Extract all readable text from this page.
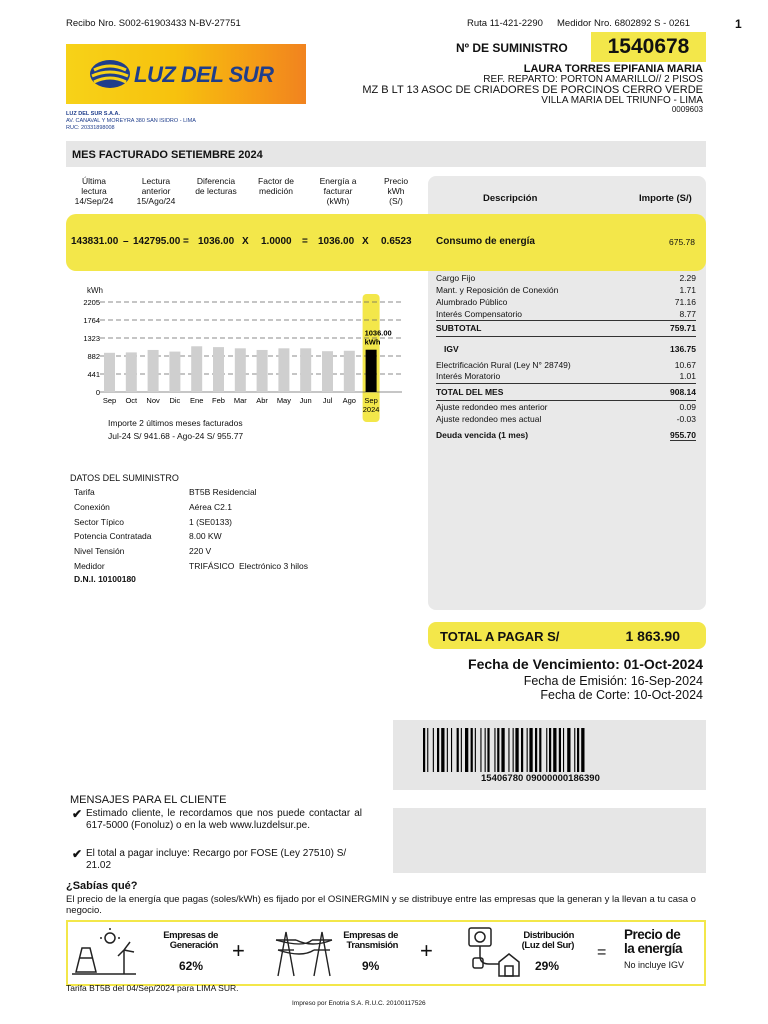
Recibo Nro. S002-61903433 N-BV-27751	Ruta 11-421-2290 Medidor Nro. 6802892 S - 0261	1
LUZ DEL SUR
LUZ DEL SUR S.A.A.
AV. CANAVAL Y MOREYRA 380 SAN ISIDRO - LIMA
RUC: 20331898008
Nº DE SUMINISTRO	1540678
LAURA TORRES EPIFANIA MARIA
REF. REPARTO: PORTON AMARILLO// 2 PISOS
MZ B LT 13 ASOC DE CRIADORES DE PORCINOS CERRO VERDE
VILLA MARIA DEL TRIUNFO - LIMA
0009603
MES FACTURADO SETIEMBRE 2024
Descripción	Importe (S/)
Última
lectura
14/Sep/24
Lectura
anterior
15/Ago/24
Diferencia
de lecturas
Factor de
medición
Energía a
facturar
(kWh)
Precio
kWh
(S/)
143831.00 – 142795.00 = 1036.00 X 1.0000 = 1036.00 X 0.6523 Consumo de energía	675.78
Cargo Fijo	2.29
Mant. y Reposición de Conexión	1.71
Alumbrado Público	71.16
Interés Compensatorio	8.77
SUBTOTAL	759.71
IGV	136.75
Electrificación Rural (Ley N° 28749)	10.67
Interés Moratorio	1.01
TOTAL DEL MES	908.14
Ajuste redondeo mes anterior	0.09
Ajuste redondeo mes actual	-0.03
Deuda vencida (1 mes)	955.70
kWh
2205
1764
1323
882
441
0
Sep Oct Nov Dic Ene Feb Mar Abr May Jun Jul Ago Sep
2024
1036.00
kWh
Importe 2 últimos meses facturados
Jul-24 S/ 941.68 - Ago-24 S/ 955.77
DATOS DEL SUMINISTRO
Tarifa	BT5B Residencial
Conexión	Aérea C2.1
Sector Típico	1 (SE0133)
Potencia Contratada	8.00 KW
Nivel Tensión	220 V
Medidor	TRIFÁSICO  Electrónico 3 hilos
D.N.I. 10100180
TOTAL A PAGAR S/	1 863.90
Fecha de Vencimiento: 01-Oct-2024
Fecha de Emisión: 16-Sep-2024
Fecha de Corte: 10-Oct-2024
15406780 09000000186390
MENSAJES PARA EL CLIENTE
✔ Estimado cliente, le recordamos que nos puede contactar al 617-5000 (Fonoluz) o en la web www.luzdelsur.pe.
✔ El total a pagar incluye: Recargo por FOSE (Ley 27510) S/ 21.02
¿Sabías qué?
El precio de la energía que pagas (soles/kWh) es fijado por el OSINERGMIN y se distribuye entre las empresas que la generan y la llevan a tu casa o negocio.
Empresas de
Generación
62%
+
Empresas de
Transmisión
9%
+
Distribución
(Luz del Sur)
29%
=
Precio de
la energía
No incluye IGV
Tarifa BT5B del 04/Sep/2024 para LIMA SUR.
Impreso por Enotria S.A. R.U.C. 20100117526
